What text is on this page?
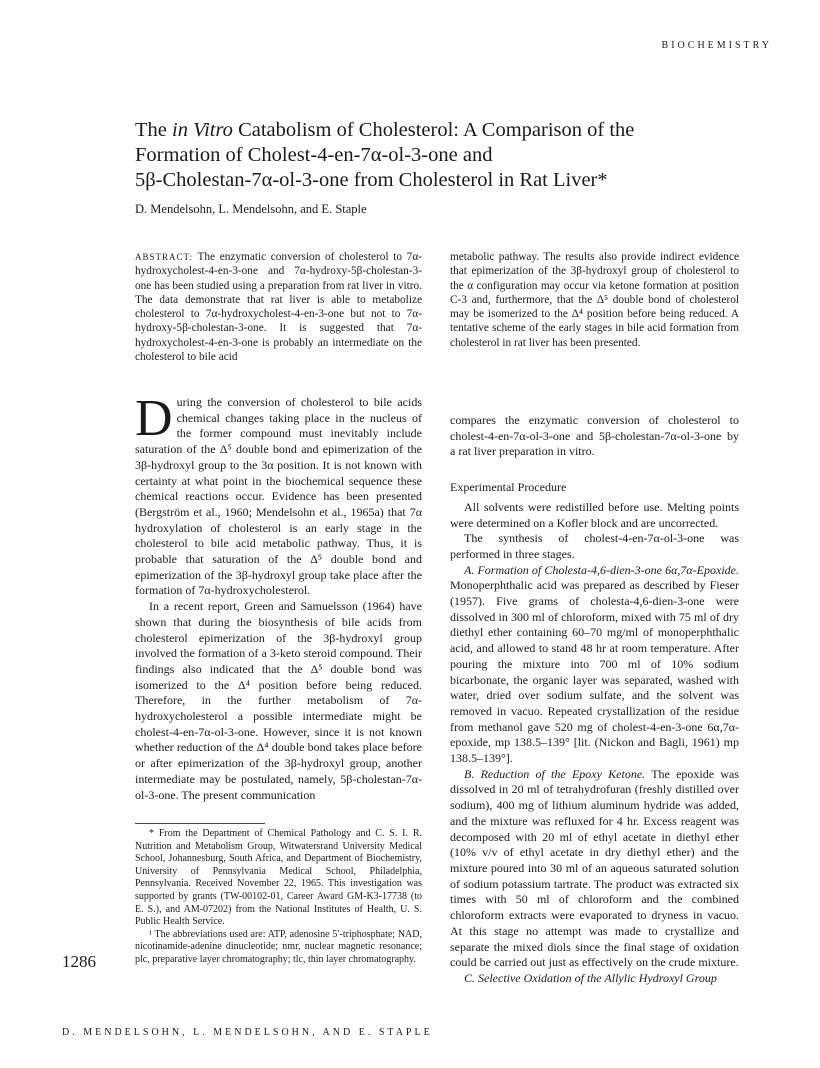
BIOCHEMISTRY
The in Vitro Catabolism of Cholesterol: A Comparison of the
Formation of Cholest-4-en-7α-ol-3-one and
5β-Cholestan-7α-ol-3-one from Cholesterol in Rat Liver*
D. Mendelsohn, L. Mendelsohn, and E. Staple

ABSTRACT: The enzymatic conversion of cholesterol to 7α-hydroxycholest-4-en-3-one and 7α-hydroxy-5β-cholestan-3-one has been studied using a preparation from rat liver in vitro. The data demonstrate that rat liver is able to metabolize cholesterol to 7α-hydroxycholest-4-en-3-one but not to 7α-hydroxy-5β-cholestan-3-one. It is suggested that 7α-hydroxycholest-4-en-3-one is probably an intermediate on the cholesterol to bile acid

metabolic pathway. The results also provide indirect evidence that epimerization of the 3β-hydroxyl group of cholesterol to the α configuration may occur via ketone formation at position C-3 and, furthermore, that the Δ⁵ double bond of cholesterol may be isomerized to the Δ⁴ position before being reduced. A tentative scheme of the early stages in bile acid formation from cholesterol in rat liver has been presented.

During the conversion of cholesterol to bile acids chemical changes taking place in the nucleus of the former compound must inevitably include saturation of the Δ⁵ double bond and epimerization of the 3β-hydroxyl group to the 3α position. It is not known with certainty at what point in the biochemical sequence these chemical reactions occur. Evidence has been presented (Bergström et al., 1960; Mendelsohn et al., 1965a) that 7α hydroxylation of cholesterol is an early stage in the cholesterol to bile acid metabolic pathway. Thus, it is probable that saturation of the Δ⁵ double bond and epimerization of the 3β-hydroxyl group take place after the formation of 7α-hydroxycholesterol.

In a recent report, Green and Samuelsson (1964) have shown that during the biosynthesis of bile acids from cholesterol epimerization of the 3β-hydroxyl group involved the formation of a 3-keto steroid compound. Their findings also indicated that the Δ⁵ double bond was isomerized to the Δ⁴ position before being reduced. Therefore, in the further metabolism of 7α-hydroxycholesterol a possible intermediate might be cholest-4-en-7α-ol-3-one. However, since it is not known whether reduction of the Δ⁴ double bond takes place before or after epimerization of the 3β-hydroxyl group, another intermediate may be postulated, namely, 5β-cholestan-7α-ol-3-one. The present communication

* From the Department of Chemical Pathology and C. S. I. R. Nutrition and Metabolism Group, Witwatersrand University Medical School, Johannesburg, South Africa, and Department of Biochemistry, University of Pennsylvania Medical School, Philadelphia, Pennsylvania. Received November 22, 1965. This investigation was supported by grants (TW-00102-01, Career Award GM-K3-17738 (to E. S.), and AM-07202) from the National Institutes of Health, U. S. Public Health Service.

¹ The abbreviations used are: ATP, adenosine 5′-triphosphate; NAD, nicotinamide-adenine dinucleotide; nmr, nuclear magnetic resonance; plc, preparative layer chromatography; tlc, thin layer chromatography.

compares the enzymatic conversion of cholesterol to cholest-4-en-7α-ol-3-one and 5β-cholestan-7α-ol-3-one by a rat liver preparation in vitro.

Experimental Procedure

All solvents were redistilled before use. Melting points were determined on a Kofler block and are uncorrected.

The synthesis of cholest-4-en-7α-ol-3-one was performed in three stages.

A. Formation of Cholesta-4,6-dien-3-one 6α,7α-Epoxide. Monoperphthalic acid was prepared as described by Fieser (1957). Five grams of cholesta-4,6-dien-3-one were dissolved in 300 ml of chloroform, mixed with 75 ml of dry diethyl ether containing 60–70 mg/ml of monoperphthalic acid, and allowed to stand 48 hr at room temperature. After pouring the mixture into 700 ml of 10% sodium bicarbonate, the organic layer was separated, washed with water, dried over sodium sulfate, and the solvent was removed in vacuo. Repeated crystallization of the residue from methanol gave 520 mg of cholest-4-en-3-one 6α,7α-epoxide, mp 138.5–139° [lit. (Nickon and Bagli, 1961) mp 138.5–139°].

B. Reduction of the Epoxy Ketone. The epoxide was dissolved in 20 ml of tetrahydrofuran (freshly distilled over sodium), 400 mg of lithium aluminum hydride was added, and the mixture was refluxed for 4 hr. Excess reagent was decomposed with 20 ml of ethyl acetate in diethyl ether (10% v/v of ethyl acetate in dry diethyl ether) and the mixture poured into 30 ml of an aqueous saturated solution of sodium potassium tartrate. The product was extracted six times with 50 ml of chloroform and the combined chloroform extracts were evaporated to dryness in vacuo. At this stage no attempt was made to crystallize and separate the mixed diols since the final stage of oxidation could be carried out just as effectively on the crude mixture.

C. Selective Oxidation of the Allylic Hydroxyl Group

1286
D. MENDELSOHN, L. MENDELSOHN, AND E. STAPLE
